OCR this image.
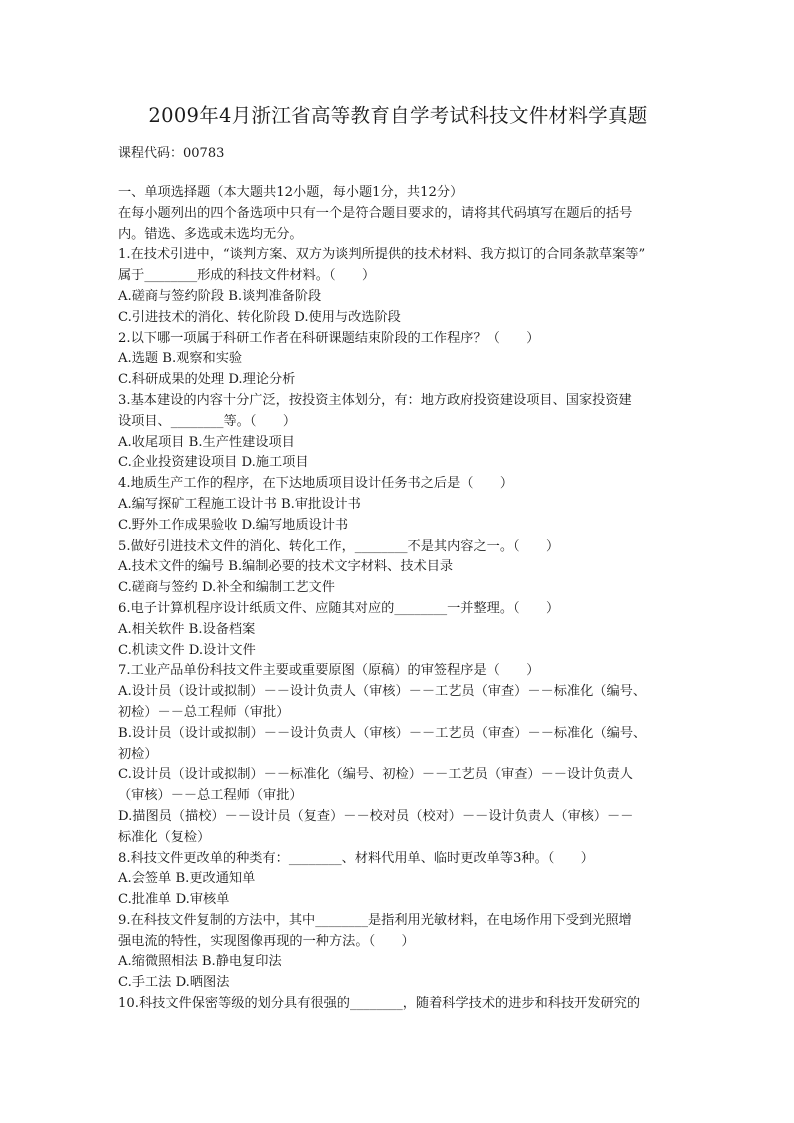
2009年4月浙江省高等教育自学考试科技文件材料学真题
课程代码：00783
一、单项选择题（本大题共12小题，每小题1分，共12分）
在每小题列出的四个备选项中只有一个是符合题目要求的，请将其代码填写在题后的括号
内。错选、多选或未选均无分。
1.在技术引进中，“谈判方案、双方为谈判所提供的技术材料、我方拟订的合同条款草案等”
属于________形成的科技文件材料。（　　）
A.磋商与签约阶段 B.谈判准备阶段
C.引进技术的消化、转化阶段 D.使用与改选阶段
2.以下哪一项属于科研工作者在科研课题结束阶段的工作程序？（　　）
A.选题 B.观察和实验
C.科研成果的处理 D.理论分析
3.基本建设的内容十分广泛，按投资主体划分，有：地方政府投资建设项目、国家投资建
设项目、________等。（　　）
A.收尾项目 B.生产性建设项目
C.企业投资建设项目 D.施工项目
4.地质生产工作的程序，在下达地质项目设计任务书之后是（　　）
A.编写探矿工程施工设计书 B.审批设计书
C.野外工作成果验收 D.编写地质设计书
5.做好引进技术文件的消化、转化工作，________不是其内容之一。（　　）
A.技术文件的编号 B.编制必要的技术文字材料、技术目录
C.磋商与签约 D.补全和编制工艺文件
6.电子计算机程序设计纸质文件、应随其对应的________一并整理。（　　）
A.相关软件 B.设备档案
C.机读文件 D.设计文件
7.工业产品单份科技文件主要或重要原图（原稿）的审签程序是（　　）
A.设计员（设计或拟制）－－设计负责人（审核）－－工艺员（审查）－－标准化（编号、
初检）－－总工程师（审批）
B.设计员（设计或拟制）－－设计负责人（审核）－－工艺员（审查）－－标准化（编号、
初检）
C.设计员（设计或拟制）－－标准化（编号、初检）－－工艺员（审查）－－设计负责人
（审核）－－总工程师（审批）
D.描图员（描校）－－设计员（复查）－－校对员（校对）－－设计负责人（审核）－－
标准化（复检）
8.科技文件更改单的种类有：________、材料代用单、临时更改单等3种。（　　）
A.会签单 B.更改通知单
C.批准单 D.审核单
9.在科技文件复制的方法中，其中________是指利用光敏材料，在电场作用下受到光照增
强电流的特性，实现图像再现的一种方法。（　　）
A.缩微照相法 B.静电复印法
C.手工法 D.晒图法
10.科技文件保密等级的划分具有很强的________，随着科学技术的进步和科技开发研究的
